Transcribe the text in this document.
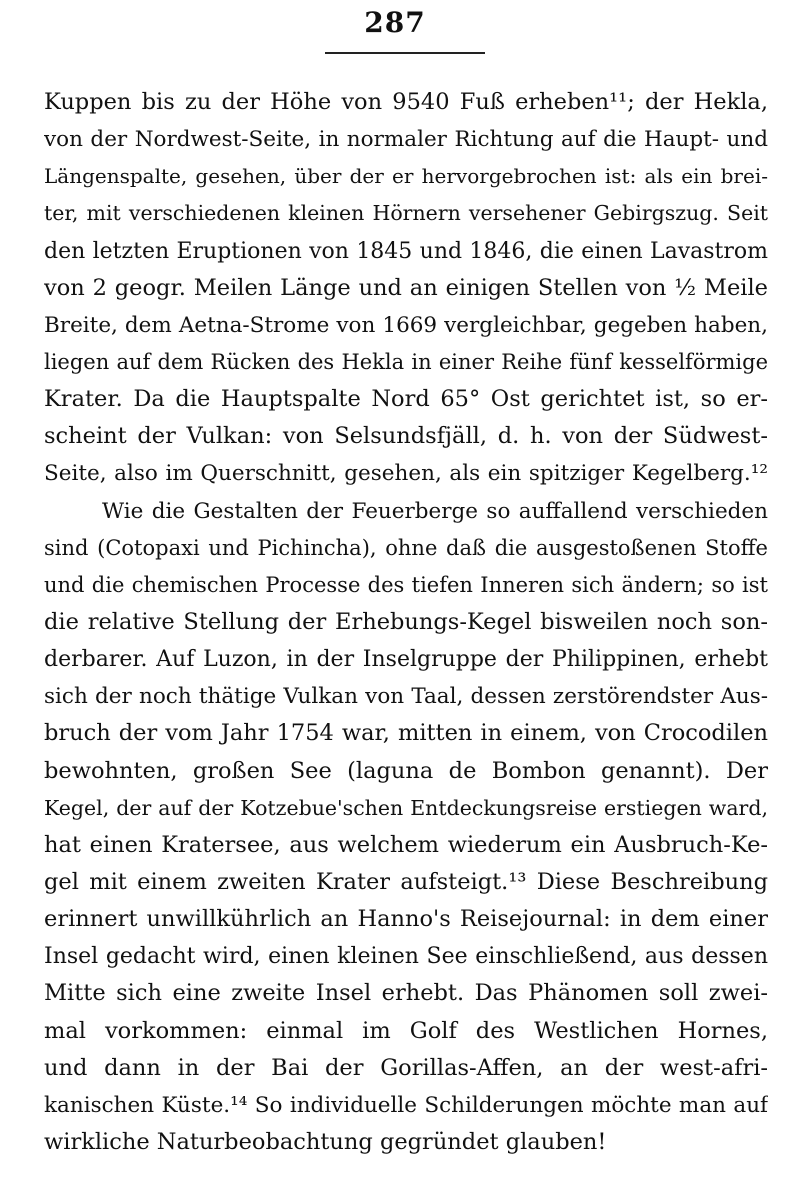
287
Kuppen bis zu der Höhe von 9540 Fuß erheben¹¹; der Hekla,
von der Nordwest-Seite, in normaler Richtung auf die Haupt- und
Längenspalte, gesehen, über der er hervorgebrochen ist: als ein brei-
ter, mit verschiedenen kleinen Hörnern versehener Gebirgszug. Seit
den letzten Eruptionen von 1845 und 1846, die einen Lavastrom
von 2 geogr. Meilen Länge und an einigen Stellen von ½ Meile
Breite, dem Aetna-Strome von 1669 vergleichbar, gegeben haben,
liegen auf dem Rücken des Hekla in einer Reihe fünf kesselförmige
Krater. Da die Hauptspalte Nord 65° Ost gerichtet ist, so er-
scheint der Vulkan: von Selsundsfjäll, d. h. von der Südwest-
Seite, also im Querschnitt, gesehen, als ein spitziger Kegelberg.¹²
Wie die Gestalten der Feuerberge so auffallend verschieden
sind (Cotopaxi und Pichincha), ohne daß die ausgestoßenen Stoffe
und die chemischen Processe des tiefen Inneren sich ändern; so ist
die relative Stellung der Erhebungs-Kegel bisweilen noch son-
derbarer. Auf Luzon, in der Inselgruppe der Philippinen, erhebt
sich der noch thätige Vulkan von Taal, dessen zerstörendster Aus-
bruch der vom Jahr 1754 war, mitten in einem, von Crocodilen
bewohnten, großen See (laguna de Bombon genannt). Der
Kegel, der auf der Kotzebue'schen Entdeckungsreise erstiegen ward,
hat einen Kratersee, aus welchem wiederum ein Ausbruch-Ke-
gel mit einem zweiten Krater aufsteigt.¹³ Diese Beschreibung
erinnert unwillkührlich an Hanno's Reisejournal: in dem einer
Insel gedacht wird, einen kleinen See einschließend, aus dessen
Mitte sich eine zweite Insel erhebt. Das Phänomen soll zwei-
mal vorkommen: einmal im Golf des Westlichen Hornes,
und dann in der Bai der Gorillas-Affen, an der west-afri-
kanischen Küste.¹⁴ So individuelle Schilderungen möchte man auf
wirkliche Naturbeobachtung gegründet glauben!
